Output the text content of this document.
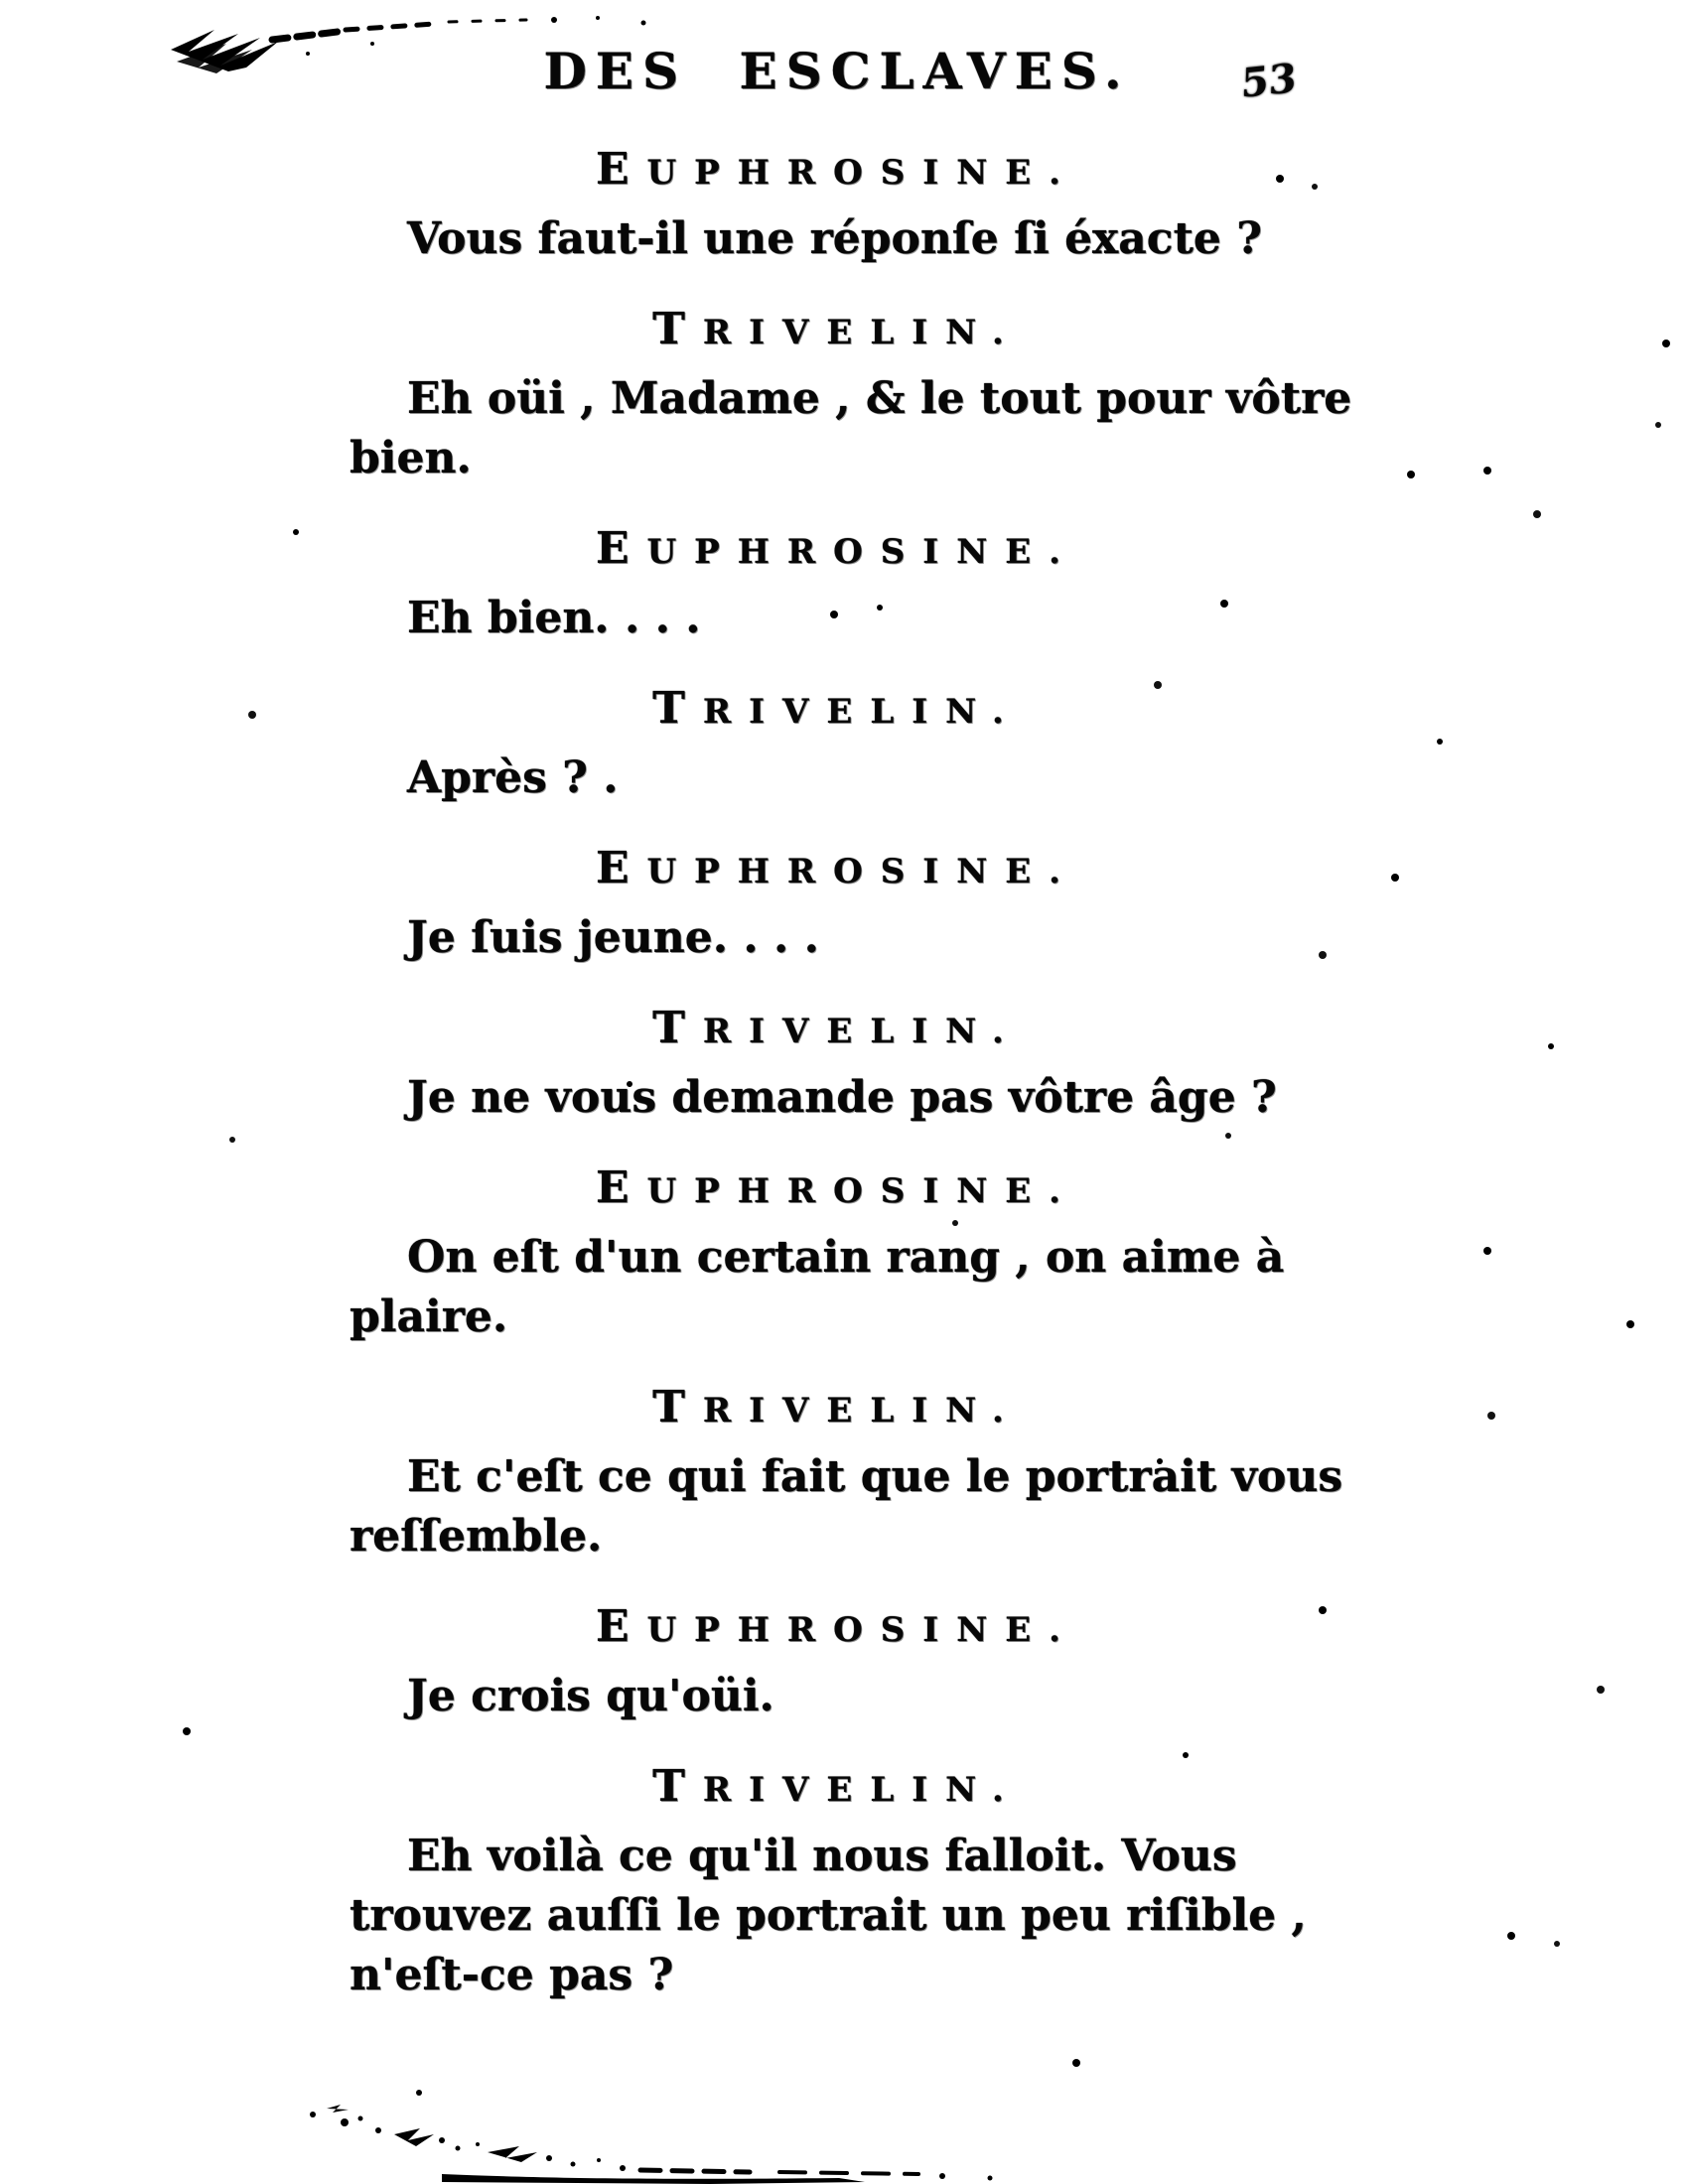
DES ESCLAVES.	53
EUPHROSINE.
Vous faut-il une réponſe ſi éxacte ?
TRIVELIN.
Eh oüi , Madame , & le tout pour vôtre
bien.
EUPHROSINE.
Eh bien. . . .
TRIVELIN.
Après ? .
EUPHROSINE.
Je ſuis jeune. . . .
TRIVELIN.
Je ne vous demande pas vôtre âge ?
EUPHROSINE.
On eſt d'un certain rang , on aime à
plaire.
TRIVELIN.
Et c'eſt ce qui fait que le portrait vous
reſſemble.
EUPHROSINE.
Je crois qu'oüi.
TRIVELIN.
Eh voilà ce qu'il nous falloit. Vous
trouvez auſſi le portrait un peu riſible ,
n'eſt-ce pas ?
